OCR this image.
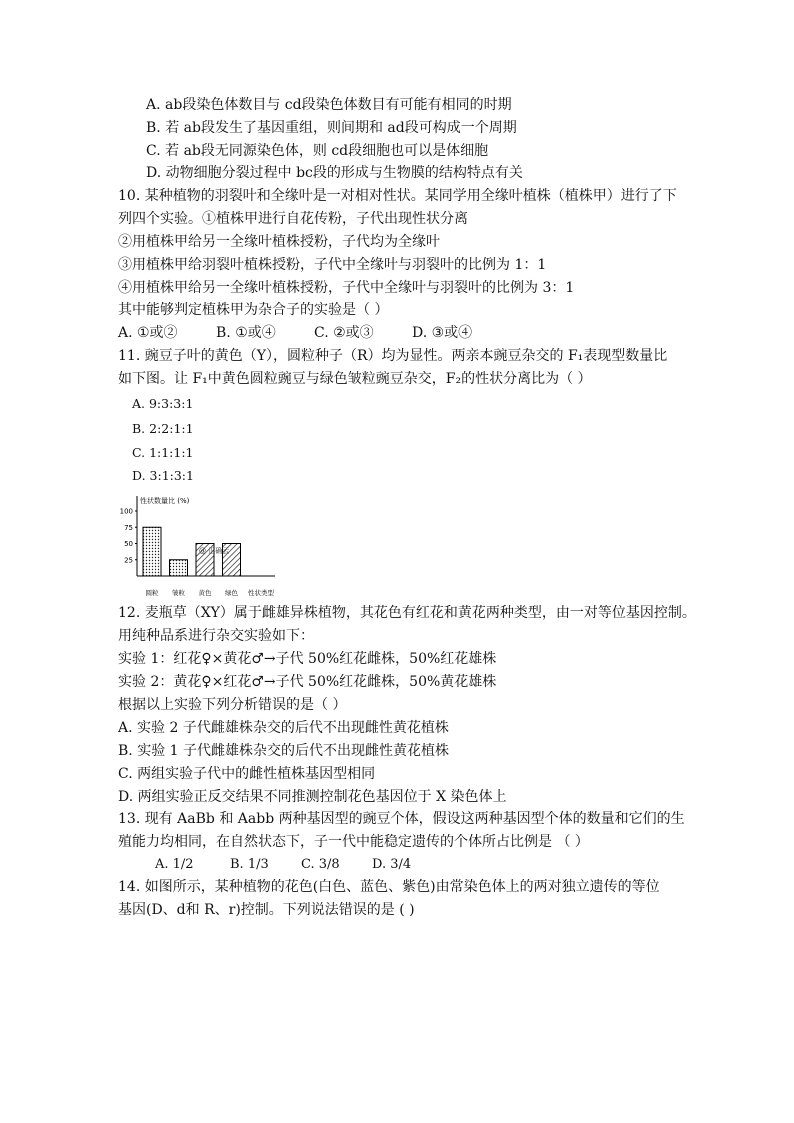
A. ab段染色体数目与 cd段染色体数目有可能有相同的时期
B. 若 ab段发生了基因重组，则间期和 ad段可构成一个周期
C. 若 ab段无同源染色体，则 cd段细胞也可以是体细胞
D. 动物细胞分裂过程中 bc段的形成与生物膜的结构特点有关
10. 某种植物的羽裂叶和全缘叶是一对相对性状。某同学用全缘叶植株（植株甲）进行了下
列四个实验。①植株甲进行自花传粉，子代出现性状分离
②用植株甲给另一全缘叶植株授粉，子代均为全缘叶
③用植株甲给羽裂叶植株授粉，子代中全缘叶与羽裂叶的比例为 1：1
④用植株甲给另一全缘叶植株授粉，子代中全缘叶与羽裂叶的比例为 3：1
其中能够判定植株甲为杂合子的实验是（ ）
A. ①或②	B. ①或④	C. ②或③	D. ③或④
11. 豌豆子叶的黄色（Y），圆粒种子（R）均为显性。两亲本豌豆杂交的 F₁表现型数量比
如下图。让 F₁中黄色圆粒豌豆与绿色皱粒豌豆杂交，F₂的性状分离比为（ ）
A. 9:3:3:1
B. 2:2:1:1
C. 1:1:1:1
D. 3:1:3:1
性状数量比 (%)
100
75
50
25
圆粒 皱粒 黄色 绿色
@ 正确云
性状类型
12. 麦瓶草（XY）属于雌雄异株植物，其花色有红花和黄花两种类型，由一对等位基因控制。
用纯种品系进行杂交实验如下：
实验 1：红花♀×黄花♂→子代 50%红花雌株，50%红花雄株
实验 2：黄花♀×红花♂→子代 50%红花雌株，50%黄花雄株
根据以上实验下列分析错误的是（ ）
A. 实验 2 子代雌雄株杂交的后代不出现雌性黄花植株
B. 实验 1 子代雌雄株杂交的后代不出现雌性黄花植株
C. 两组实验子代中的雌性植株基因型相同
D. 两组实验正反交结果不同推测控制花色基因位于 X 染色体上
13. 现有 AaBb 和 Aabb 两种基因型的豌豆个体，假设这两种基因型个体的数量和它们的生
殖能力均相同，在自然状态下，子一代中能稳定遗传的个体所占比例是 （ ）
A. 1/2	B. 1/3	C. 3/8	D. 3/4
14. 如图所示，某种植物的花色(白色、蓝色、紫色)由常染色体上的两对独立遗传的等位
基因(D、d和 R、r)控制。下列说法错误的是 ( )
